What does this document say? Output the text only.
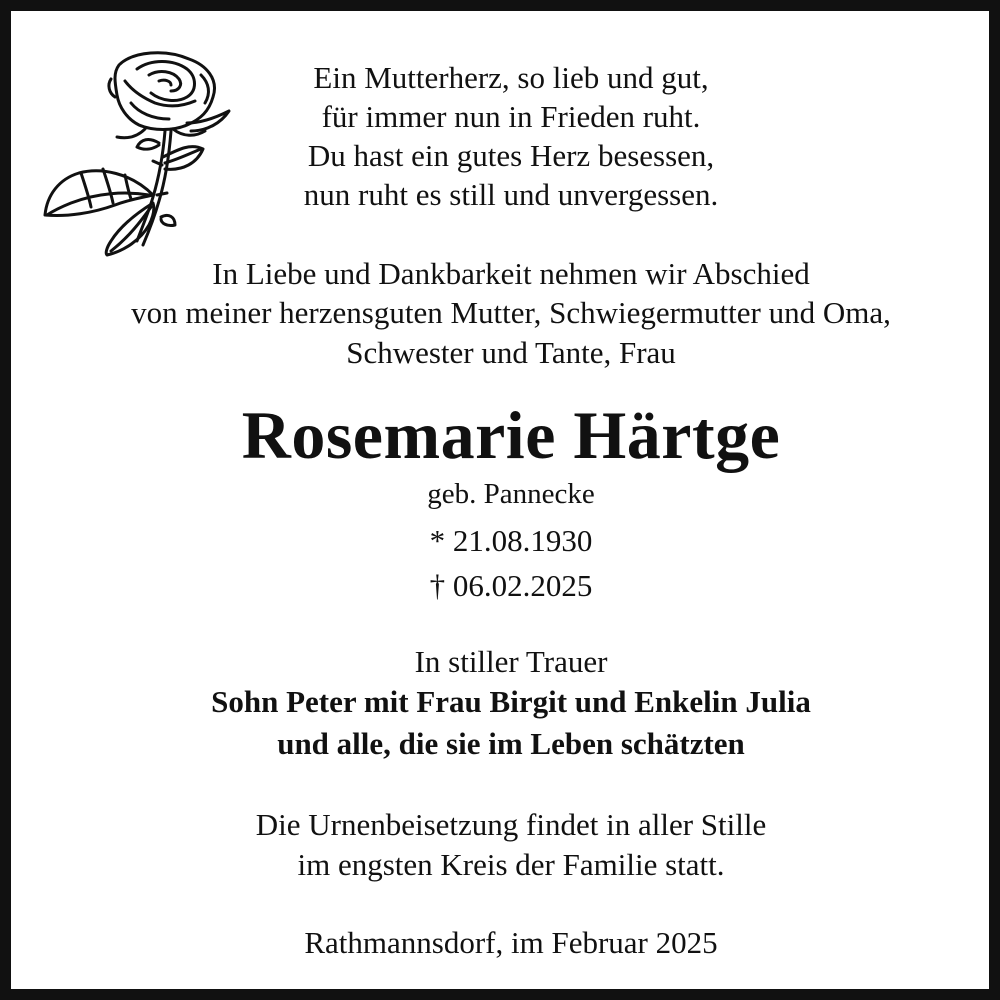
Ein Mutterherz, so lieb und gut,

für immer nun in Frieden ruht.

Du hast ein gutes Herz besessen,

nun ruht es still und unvergessen.

In Liebe und Dankbarkeit nehmen wir Abschied

von meiner herzensguten Mutter, Schwiegermutter und Oma,

Schwester und Tante, Frau

Rosemarie Härtge

geb. Pannecke

* 21.08.1930

† 06.02.2025

In stiller Trauer

Sohn Peter mit Frau Birgit und Enkelin Julia

und alle, die sie im Leben schätzten

Die Urnenbeisetzung findet in aller Stille

im engsten Kreis der Familie statt.

Rathmannsdorf, im Februar 2025
